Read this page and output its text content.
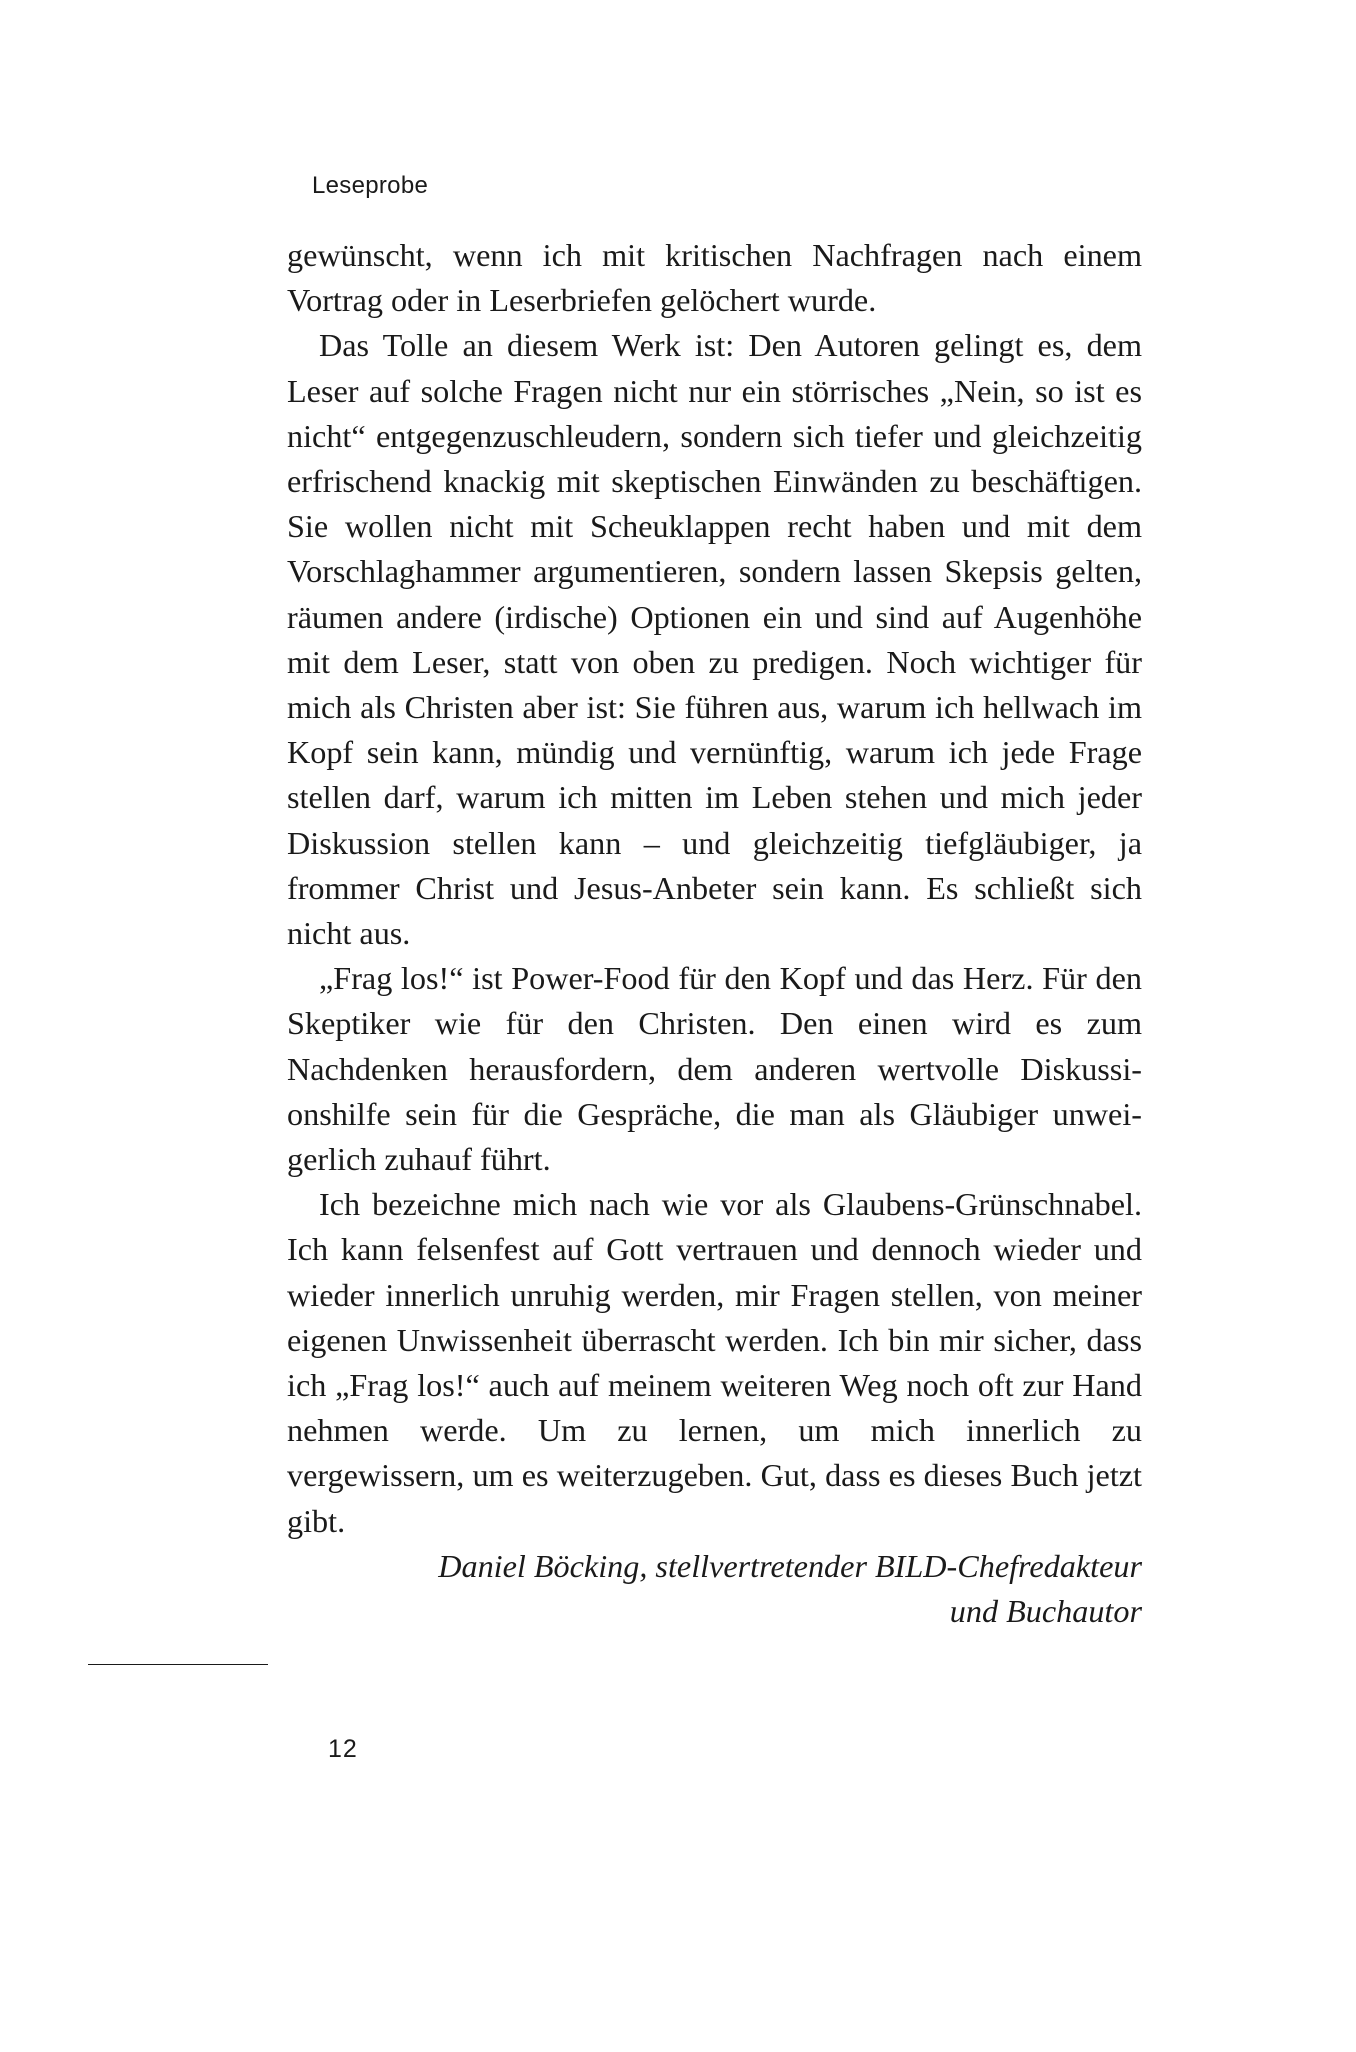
Leseprobe

gewünscht, wenn ich mit kritischen Nachfragen nach einem Vortrag oder in Leserbriefen gelöchert wurde.

Das Tolle an diesem Werk ist: Den Autoren gelingt es, dem Leser auf solche Fragen nicht nur ein störrisches „Nein, so ist es nicht“ entgegenzuschleudern, sondern sich tiefer und gleichzeitig erfrischend knackig mit skeptischen Einwänden zu beschäftigen. Sie wollen nicht mit Scheuklappen recht haben und mit dem Vorschlaghammer argumentieren, sondern lassen Skepsis gelten, räumen andere (irdische) Optionen ein und sind auf Augenhöhe mit dem Leser, statt von oben zu predigen. Noch wichtiger für mich als Christen aber ist: Sie führen aus, warum ich hellwach im Kopf sein kann, mündig und vernünftig, warum ich jede Frage stellen darf, warum ich mitten im Leben stehen und mich jeder Diskussion stellen kann – und gleichzeitig tiefgläubiger, ja frommer Christ und Jesus-Anbeter sein kann. Es schließt sich nicht aus.

„Frag los!“ ist Power-Food für den Kopf und das Herz. Für den Skeptiker wie für den Christen. Den einen wird es zum Nachdenken herausfordern, dem anderen wertvolle Diskussionshilfe sein für die Gespräche, die man als Gläubiger unweigerlich zuhauf führt.

Ich bezeichne mich nach wie vor als Glaubens-Grünschnabel. Ich kann felsenfest auf Gott vertrauen und dennoch wieder und wieder innerlich unruhig werden, mir Fragen stellen, von meiner eigenen Unwissenheit überrascht werden. Ich bin mir sicher, dass ich „Frag los!“ auch auf meinem weiteren Weg noch oft zur Hand nehmen werde. Um zu lernen, um mich innerlich zu vergewissern, um es weiterzugeben. Gut, dass es dieses Buch jetzt gibt.

Daniel Böcking, stellvertretender BILD-Chefredakteur
und Buchautor

12
